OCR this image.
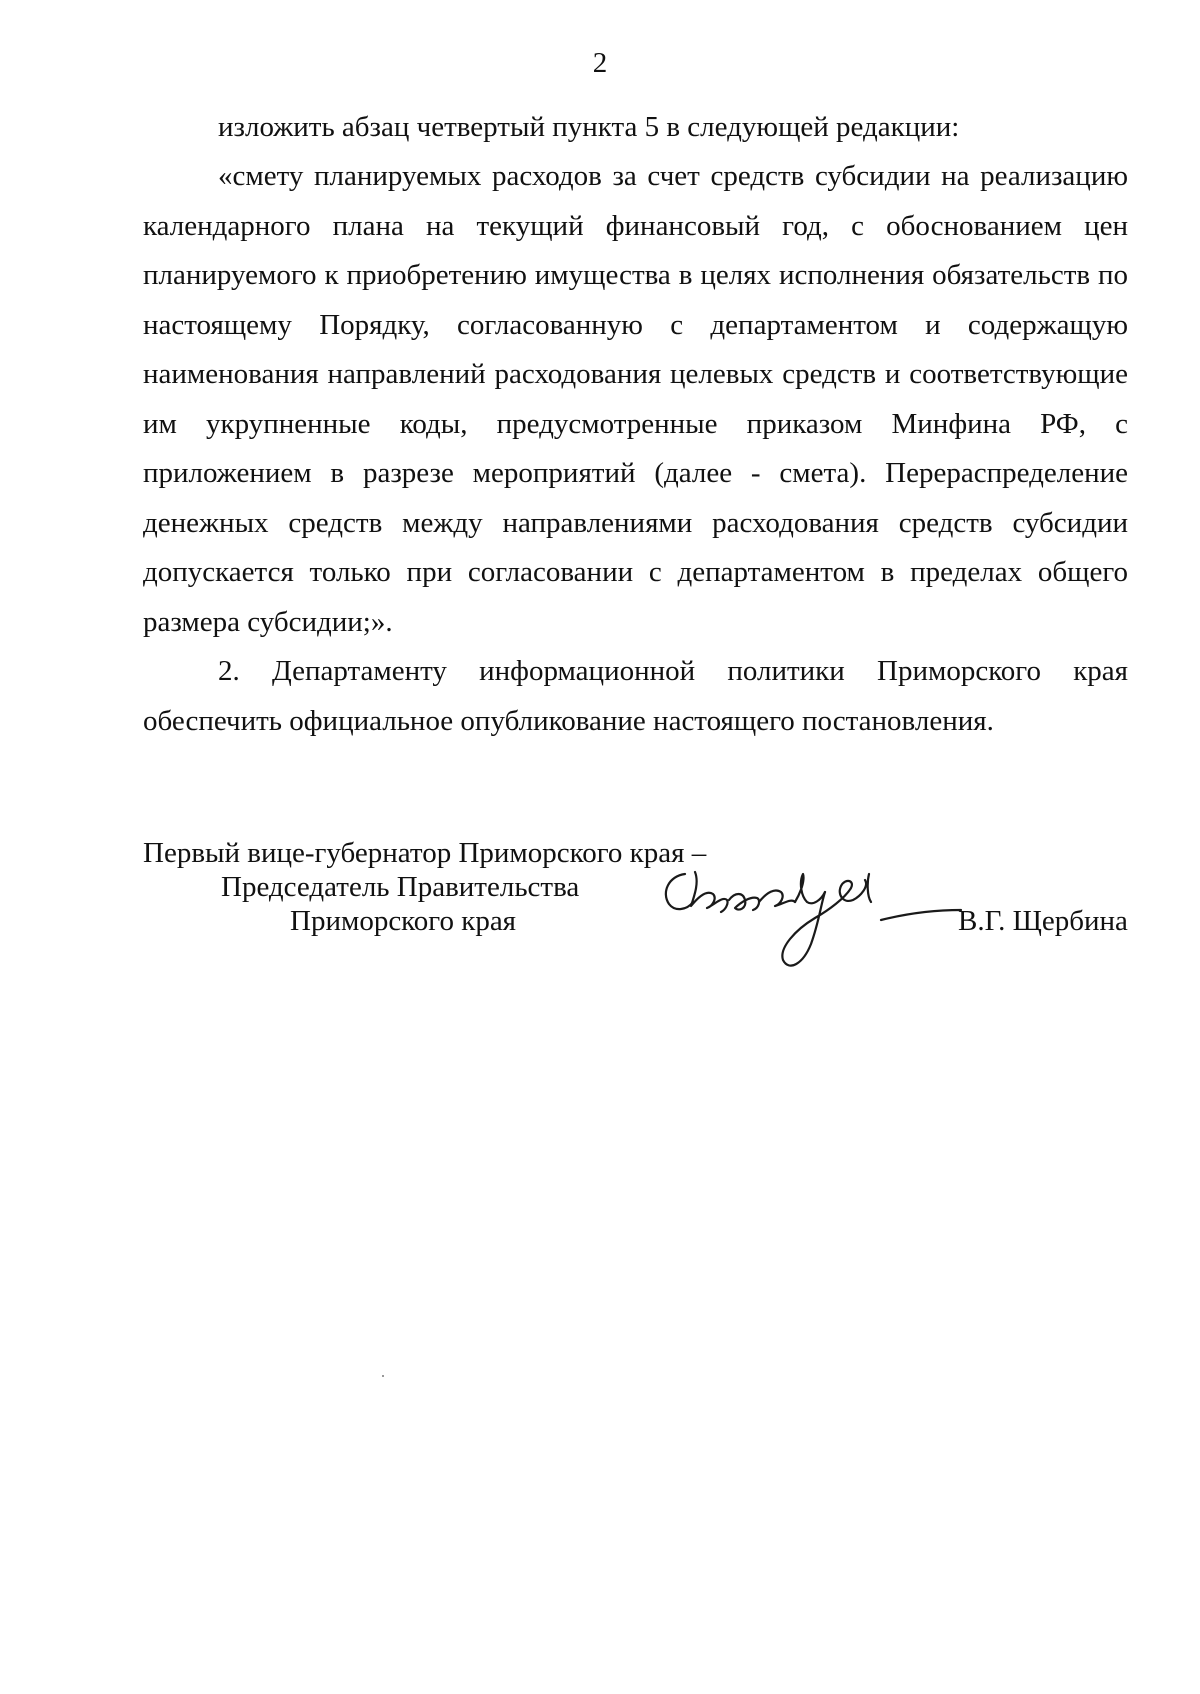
2

изложить абзац четвертый пункта 5 в следующей редакции:

«смету планируемых расходов за счет средств субсидии на реализацию календарного плана на текущий финансовый год, с обоснованием цен планируемого к приобретению имущества в целях исполнения обязательств по настоящему Порядку, согласованную с департаментом и содержащую наименования направлений расходования целевых средств и соответствующие им укрупненные коды, предусмотренные приказом Минфина РФ, с приложением в разрезе мероприятий (далее - смета). Перераспределение денежных средств между направлениями расходования средств субсидии допускается только при согласовании с департаментом в пределах общего размера субсидии;».

2. Департаменту информационной политики Приморского края обеспечить официальное опубликование настоящего постановления.

Первый вице-губернатор Приморского края –
Председатель Правительства
Приморского края	В.Г. Щербина
